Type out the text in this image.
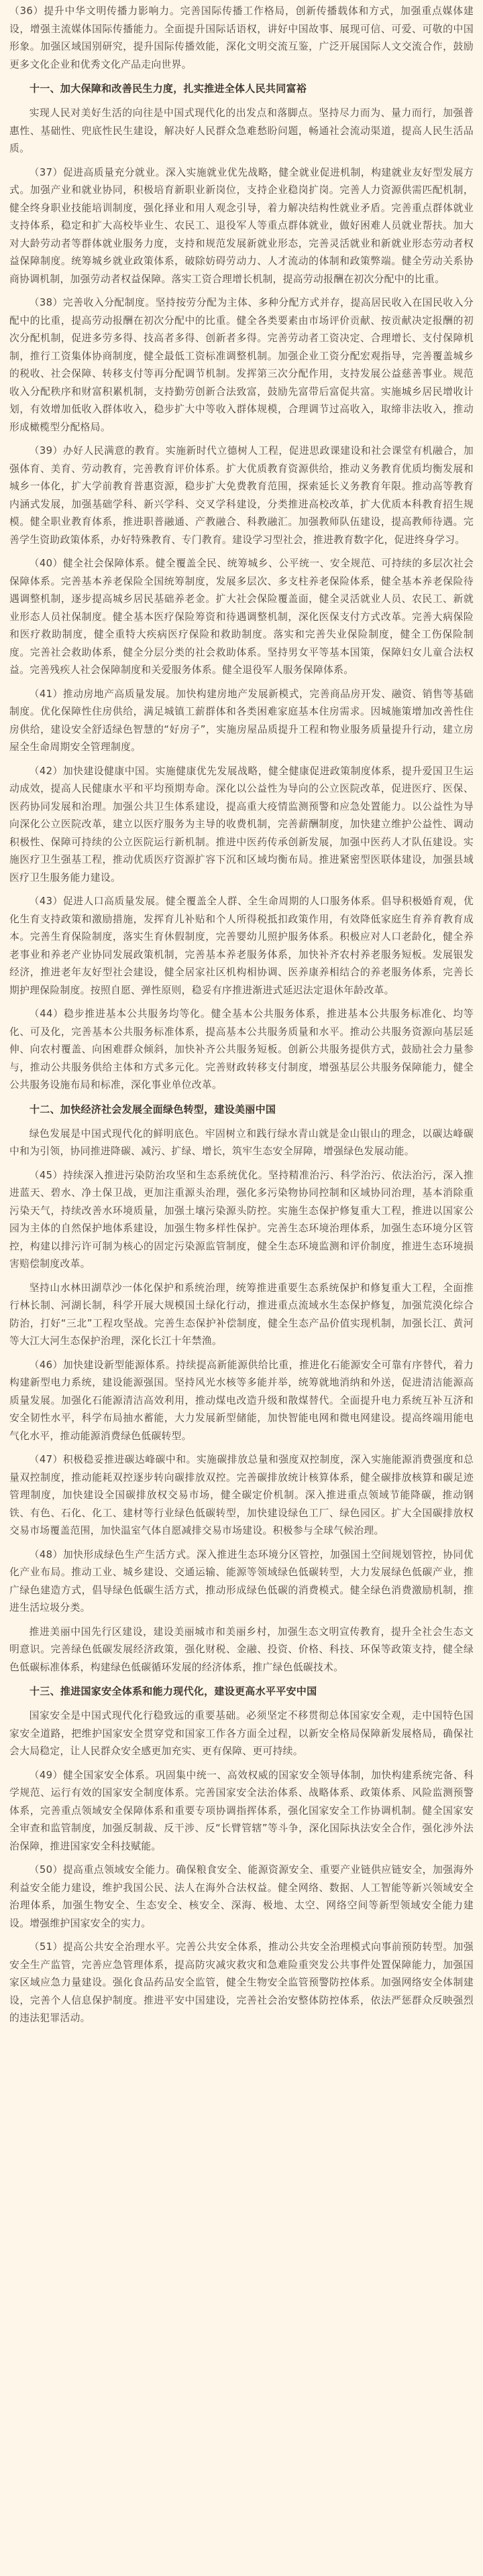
（36）提升中华文明传播力影响力。完善国际传播工作格局，创新传播载体和方式，加强重点媒体建设，增强主流媒体国际传播能力。全面提升国际话语权，讲好中国故事、展现可信、可爱、可敬的中国形象。加强区域国别研究，提升国际传播效能，深化文明交流互鉴，广泛开展国际人文交流合作，鼓励更多文化企业和优秀文化产品走向世界。

十一、加大保障和改善民生力度，扎实推进全体人民共同富裕

实现人民对美好生活的向往是中国式现代化的出发点和落脚点。坚持尽力而为、量力而行，加强普惠性、基础性、兜底性民生建设，解决好人民群众急难愁盼问题，畅通社会流动渠道，提高人民生活品质。

（37）促进高质量充分就业。深入实施就业优先战略，健全就业促进机制，构建就业友好型发展方式。加强产业和就业协同，积极培育新职业新岗位，支持企业稳岗扩岗。完善人力资源供需匹配机制，健全终身职业技能培训制度，强化择业和用人观念引导，着力解决结构性就业矛盾。完善重点群体就业支持体系，稳定和扩大高校毕业生、农民工、退役军人等重点群体就业，做好困难人员就业帮扶。加大对大龄劳动者等群体就业服务力度，支持和规范发展新就业形态，完善灵活就业和新就业形态劳动者权益保障制度。统筹城乡就业政策体系，破除妨碍劳动力、人才流动的体制和政策弊端。健全劳动关系协商协调机制，加强劳动者权益保障。落实工资合理增长机制，提高劳动报酬在初次分配中的比重。

（38）完善收入分配制度。坚持按劳分配为主体、多种分配方式并存，提高居民收入在国民收入分配中的比重，提高劳动报酬在初次分配中的比重。健全各类要素由市场评价贡献、按贡献决定报酬的初次分配机制，促进多劳多得、技高者多得、创新者多得。完善劳动者工资决定、合理增长、支付保障机制，推行工资集体协商制度，健全最低工资标准调整机制。加强企业工资分配宏观指导，完善覆盖城乡的税收、社会保障、转移支付等再分配调节机制。发挥第三次分配作用，支持发展公益慈善事业。规范收入分配秩序和财富积累机制，支持勤劳创新合法致富，鼓励先富带后富促共富。实施城乡居民增收计划，有效增加低收入群体收入，稳步扩大中等收入群体规模，合理调节过高收入，取缔非法收入，推动形成橄榄型分配格局。

（39）办好人民满意的教育。实施新时代立德树人工程，促进思政课建设和社会课堂有机融合，加强体育、美育、劳动教育，完善教育评价体系。扩大优质教育资源供给，推动义务教育优质均衡发展和城乡一体化，扩大学前教育普惠资源，稳步扩大免费教育范围，探索延长义务教育年限。推动高等教育内涵式发展，加强基础学科、新兴学科、交叉学科建设，分类推进高校改革，扩大优质本科教育招生规模。健全职业教育体系，推进职普融通、产教融合、科教融汇。加强教师队伍建设，提高教师待遇。完善学生资助政策体系，办好特殊教育、专门教育。建设学习型社会，推进教育数字化，促进终身学习。

（40）健全社会保障体系。健全覆盖全民、统筹城乡、公平统一、安全规范、可持续的多层次社会保障体系。完善基本养老保险全国统筹制度，发展多层次、多支柱养老保险体系，健全基本养老保险待遇调整机制，逐步提高城乡居民基础养老金。扩大社会保险覆盖面，健全灵活就业人员、农民工、新就业形态人员社保制度。健全基本医疗保险筹资和待遇调整机制，深化医保支付方式改革。完善大病保险和医疗救助制度，健全重特大疾病医疗保险和救助制度。落实和完善失业保险制度，健全工伤保险制度。完善社会救助体系，健全分层分类的社会救助体系。坚持男女平等基本国策，保障妇女儿童合法权益。完善残疾人社会保障制度和关爱服务体系。健全退役军人服务保障体系。

（41）推动房地产高质量发展。加快构建房地产发展新模式，完善商品房开发、融资、销售等基础制度。优化保障性住房供给，满足城镇工薪群体和各类困难家庭基本住房需求。因城施策增加改善性住房供给，建设安全舒适绿色智慧的“好房子”，实施房屋品质提升工程和物业服务质量提升行动，建立房屋全生命周期安全管理制度。

（42）加快建设健康中国。实施健康优先发展战略，健全健康促进政策制度体系，提升爱国卫生运动成效，提高人民健康水平和平均预期寿命。深化以公益性为导向的公立医院改革，促进医疗、医保、医药协同发展和治理。加强公共卫生体系建设，提高重大疫情监测预警和应急处置能力。以公益性为导向深化公立医院改革，建立以医疗服务为主导的收费机制，完善薪酬制度，加快建立维护公益性、调动积极性、保障可持续的公立医院运行新机制。推进中医药传承创新发展，加强中医药人才队伍建设。实施医疗卫生强基工程，推动优质医疗资源扩容下沉和区域均衡布局。推进紧密型医联体建设，加强县域医疗卫生服务能力建设。

（43）促进人口高质量发展。健全覆盖全人群、全生命周期的人口服务体系。倡导积极婚育观，优化生育支持政策和激励措施，发挥育儿补贴和个人所得税抵扣政策作用，有效降低家庭生育养育教育成本。完善生育保险制度，落实生育休假制度，完善婴幼儿照护服务体系。积极应对人口老龄化，健全养老事业和养老产业协同发展政策机制，完善基本养老服务体系，加快补齐农村养老服务短板。发展银发经济，推进老年友好型社会建设，健全居家社区机构相协调、医养康养相结合的养老服务体系，完善长期护理保险制度。按照自愿、弹性原则，稳妥有序推进渐进式延迟法定退休年龄改革。

（44）稳步推进基本公共服务均等化。健全基本公共服务体系，推进基本公共服务标准化、均等化、可及化，完善基本公共服务标准体系，提高基本公共服务质量和水平。推动公共服务资源向基层延伸、向农村覆盖、向困难群众倾斜，加快补齐公共服务短板。创新公共服务提供方式，鼓励社会力量参与，推动公共服务供给主体和方式多元化。完善财政转移支付制度，增强基层公共服务保障能力，健全公共服务设施布局和标准，深化事业单位改革。

十二、加快经济社会发展全面绿色转型，建设美丽中国

绿色发展是中国式现代化的鲜明底色。牢固树立和践行绿水青山就是金山银山的理念，以碳达峰碳中和为引领，协同推进降碳、减污、扩绿、增长，筑牢生态安全屏障，增强绿色发展动能。

（45）持续深入推进污染防治攻坚和生态系统优化。坚持精准治污、科学治污、依法治污，深入推进蓝天、碧水、净土保卫战，更加注重源头治理，强化多污染物协同控制和区域协同治理，基本消除重污染天气，持续改善水环境质量，加强土壤污染源头防控。实施生态保护修复重大工程，推进以国家公园为主体的自然保护地体系建设，加强生物多样性保护。完善生态环境治理体系，加强生态环境分区管控，构建以排污许可制为核心的固定污染源监管制度，健全生态环境监测和评价制度，推进生态环境损害赔偿制度改革。

坚持山水林田湖草沙一体化保护和系统治理，统筹推进重要生态系统保护和修复重大工程，全面推行林长制、河湖长制，科学开展大规模国土绿化行动，推进重点流域水生态保护修复，加强荒漠化综合防治，打好“三北”工程攻坚战。完善生态保护补偿制度，健全生态产品价值实现机制，加强长江、黄河等大江大河生态保护治理，深化长江十年禁渔。

（46）加快建设新型能源体系。持续提高新能源供给比重，推进化石能源安全可靠有序替代，着力构建新型电力系统，建设能源强国。坚持风光水核等多能并举，统筹就地消纳和外送，促进清洁能源高质量发展。加强化石能源清洁高效利用，推动煤电改造升级和散煤替代。全面提升电力系统互补互济和安全韧性水平，科学布局抽水蓄能，大力发展新型储能，加快智能电网和微电网建设。提高终端用能电气化水平，推动能源消费绿色低碳转型。

（47）积极稳妥推进碳达峰碳中和。实施碳排放总量和强度双控制度，深入实施能源消费强度和总量双控制度，推动能耗双控逐步转向碳排放双控。完善碳排放统计核算体系，健全碳排放核算和碳足迹管理制度，加快建设全国碳排放权交易市场，健全碳定价机制。深入推进重点领域节能降碳，推动钢铁、有色、石化、化工、建材等行业绿色低碳转型，加快建设绿色工厂、绿色园区。扩大全国碳排放权交易市场覆盖范围，加快温室气体自愿减排交易市场建设。积极参与全球气候治理。

（48）加快形成绿色生产生活方式。深入推进生态环境分区管控，加强国土空间规划管控，协同优化产业布局。推动工业、城乡建设、交通运输、能源等领域绿色低碳转型，大力发展绿色低碳产业，推广绿色建造方式，倡导绿色低碳生活方式，推动形成绿色低碳的消费模式。健全绿色消费激励机制，推进生活垃圾分类。

推进美丽中国先行区建设，建设美丽城市和美丽乡村，加强生态文明宣传教育，提升全社会生态文明意识。完善绿色低碳发展经济政策，强化财税、金融、投资、价格、科技、环保等政策支持，健全绿色低碳标准体系，构建绿色低碳循环发展的经济体系，推广绿色低碳技术。

十三、推进国家安全体系和能力现代化，建设更高水平平安中国

国家安全是中国式现代化行稳致远的重要基础。必须坚定不移贯彻总体国家安全观，走中国特色国家安全道路，把维护国家安全贯穿党和国家工作各方面全过程，以新安全格局保障新发展格局，确保社会大局稳定，让人民群众安全感更加充实、更有保障、更可持续。

（49）健全国家安全体系。巩固集中统一、高效权威的国家安全领导体制，加快构建系统完备、科学规范、运行有效的国家安全制度体系。完善国家安全法治体系、战略体系、政策体系、风险监测预警体系，完善重点领域安全保障体系和重要专项协调指挥体系，强化国家安全工作协调机制。健全国家安全审查和监管制度，加强反制裁、反干涉、反“长臂管辖”等斗争，深化国际执法安全合作，强化涉外法治保障，推进国家安全科技赋能。

（50）提高重点领域安全能力。确保粮食安全、能源资源安全、重要产业链供应链安全，加强海外利益安全能力建设，维护我国公民、法人在海外合法权益。健全网络、数据、人工智能等新兴领域安全治理体系，加强生物安全、生态安全、核安全、深海、极地、太空、网络空间等新型领域安全能力建设。增强维护国家安全的实力。

（51）提高公共安全治理水平。完善公共安全体系，推动公共安全治理模式向事前预防转型。加强安全生产监管，完善应急管理体系，提高防灾减灾救灾和急难险重突发公共事件处置保障能力，加强国家区域应急力量建设。强化食品药品安全监管，健全生物安全监管预警防控体系。加强网络安全体制建设，完善个人信息保护制度。推进平安中国建设，完善社会治安整体防控体系，依法严惩群众反映强烈的违法犯罪活动。
